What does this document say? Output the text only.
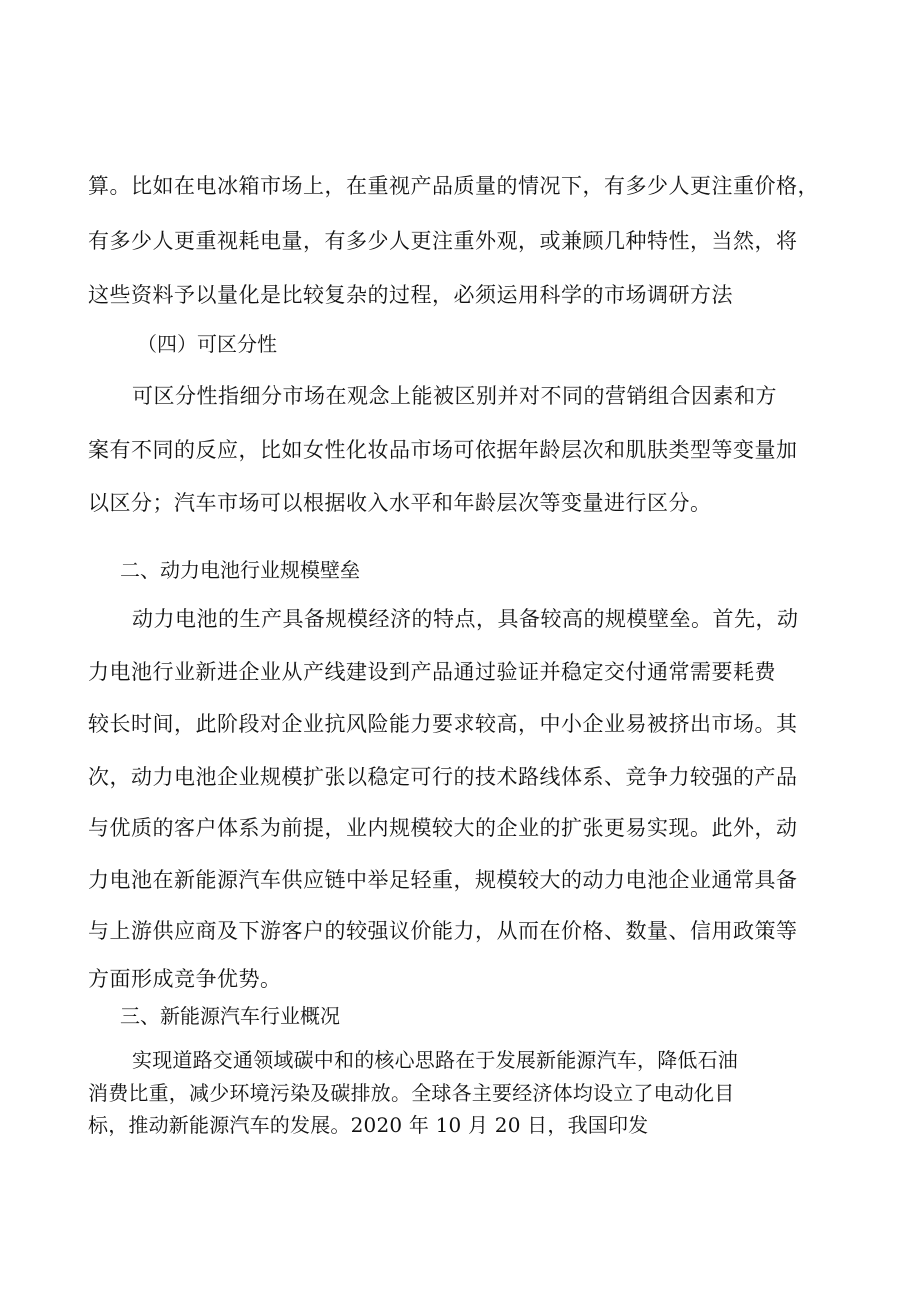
算。比如在电冰箱市场上，在重视产品质量的情况下，有多少人更注重价格，
有多少人更重视耗电量，有多少人更注重外观，或兼顾几种特性，当然，将
这些资料予以量化是比较复杂的过程，必须运用科学的市场调研方法
（四）可区分性
可区分性指细分市场在观念上能被区别并对不同的营销组合因素和方
案有不同的反应，比如女性化妆品市场可依据年龄层次和肌肤类型等变量加
以区分；汽车市场可以根据收入水平和年龄层次等变量进行区分。
二、动力电池行业规模壁垒
动力电池的生产具备规模经济的特点，具备较高的规模壁垒。首先，动
力电池行业新进企业从产线建设到产品通过验证并稳定交付通常需要耗费
较长时间，此阶段对企业抗风险能力要求较高，中小企业易被挤出市场。其
次，动力电池企业规模扩张以稳定可行的技术路线体系、竞争力较强的产品
与优质的客户体系为前提，业内规模较大的企业的扩张更易实现。此外，动
力电池在新能源汽车供应链中举足轻重，规模较大的动力电池企业通常具备
与上游供应商及下游客户的较强议价能力，从而在价格、数量、信用政策等
方面形成竞争优势。
三、新能源汽车行业概况
实现道路交通领域碳中和的核心思路在于发展新能源汽车，降低石油
消费比重，减少环境污染及碳排放。全球各主要经济体均设立了电动化目
标，推动新能源汽车的发展。2020 年 10 月 20 日，我国印发
